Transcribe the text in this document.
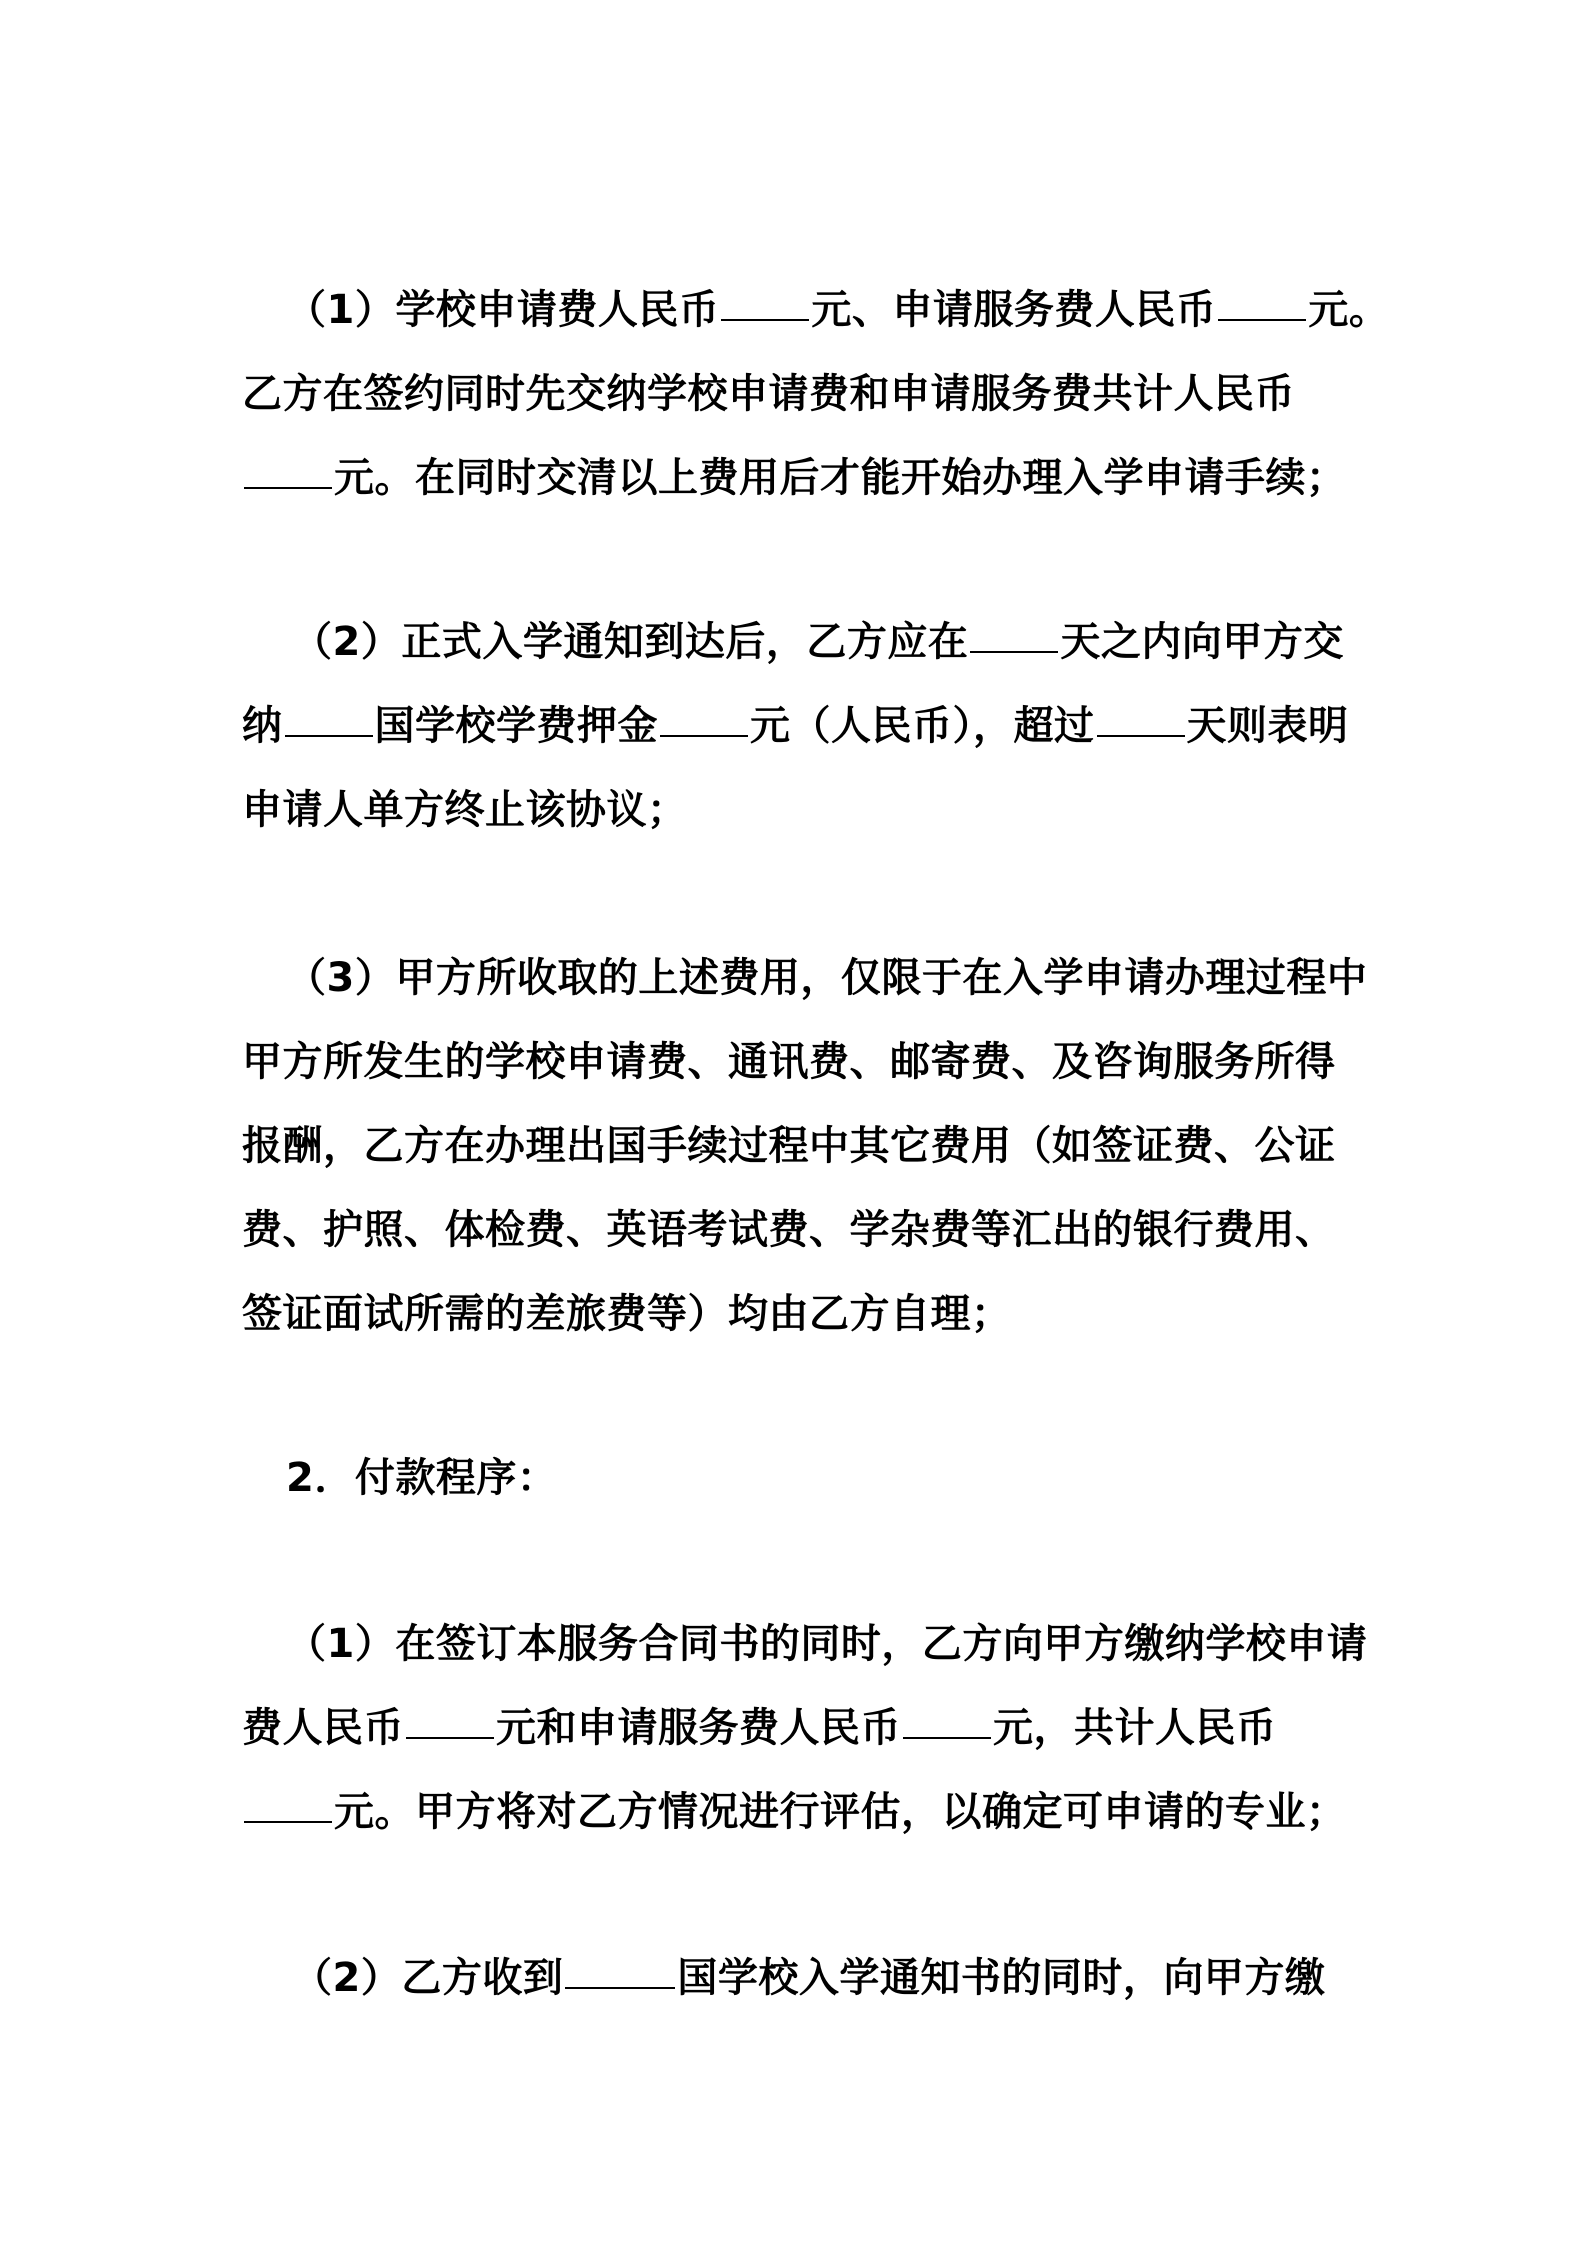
（1）学校申请费人民币 元、申请服务费人民币 元。
乙方在签约同时先交纳学校申请费和申请服务费共计人民币
元。在同时交清以上费用后才能开始办理入学申请手续；
（2）正式入学通知到达后，乙方应在 天之内向甲方交
纳 国学校学费押金 元（人民币），超过 天则表明
申请人单方终止该协议；
（3）甲方所收取的上述费用，仅限于在入学申请办理过程中
甲方所发生的学校申请费、通讯费、邮寄费、及咨询服务所得
报酬，乙方在办理出国手续过程中其它费用（如签证费、公证
费、护照、体检费、英语考试费、学杂费等汇出的银行费用、
签证面试所需的差旅费等）均由乙方自理；
2．付款程序：
（1）在签订本服务合同书的同时，乙方向甲方缴纳学校申请
费人民币 元和申请服务费人民币 元，共计人民币
元。甲方将对乙方情况进行评估，以确定可申请的专业；
（2）乙方收到	国学校入学通知书的同时，向甲方缴
